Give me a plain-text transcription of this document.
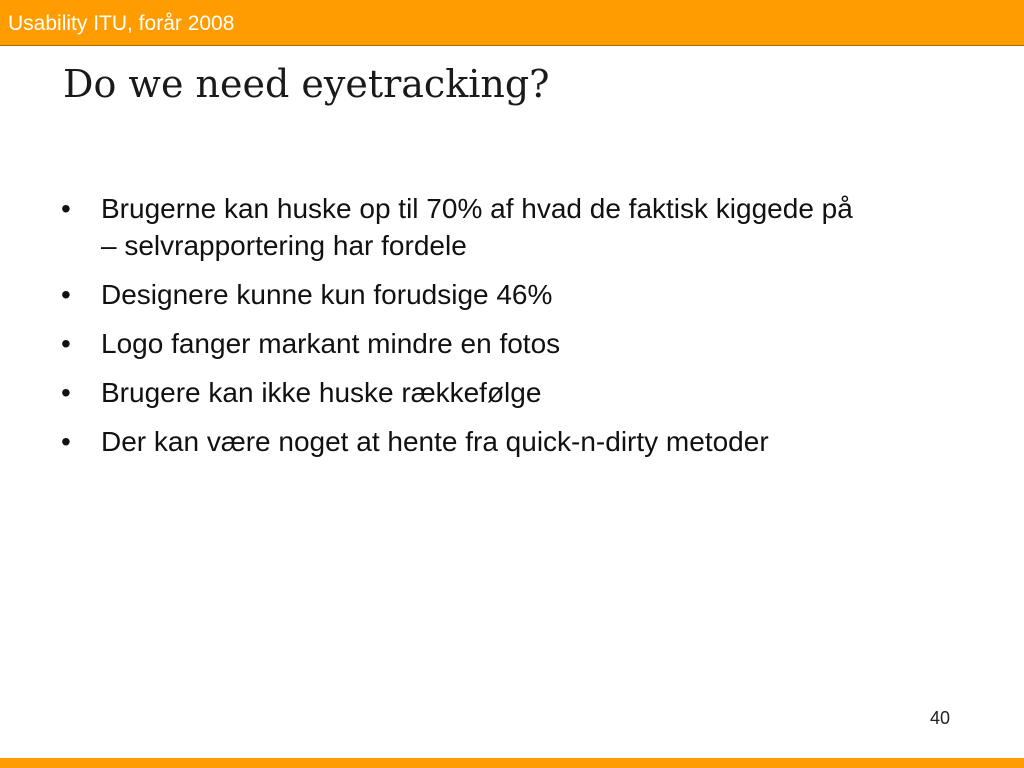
Usability ITU, forår 2008
Do we need eyetracking?
• Brugerne kan huske op til 70% af hvad de faktisk kiggede på – selvrapportering har fordele
• Designere kunne kun forudsige 46%
• Logo fanger markant mindre en fotos
• Brugere kan ikke huske rækkefølge
• Der kan være noget at hente fra quick-n-dirty metoder
40
